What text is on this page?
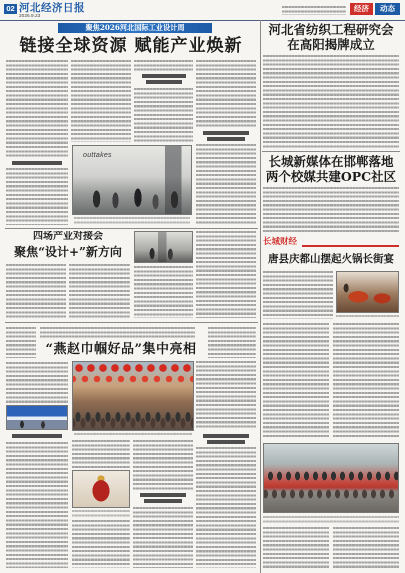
02 河北经济日报
2026.9.23
经济	动态
聚焦2026河北国际工业设计周
链接全球资源 赋能产业焕新
outtakes
四场产业对接会
聚焦“设计+”新方向
“燕赵巾帼好品”集中亮相
河北省纺织工程研究会
在高阳揭牌成立
长城新媒体在邯郸落地
两个校媒共建OPC社区
长城财经
唐县庆都山摆起火锅长街宴
